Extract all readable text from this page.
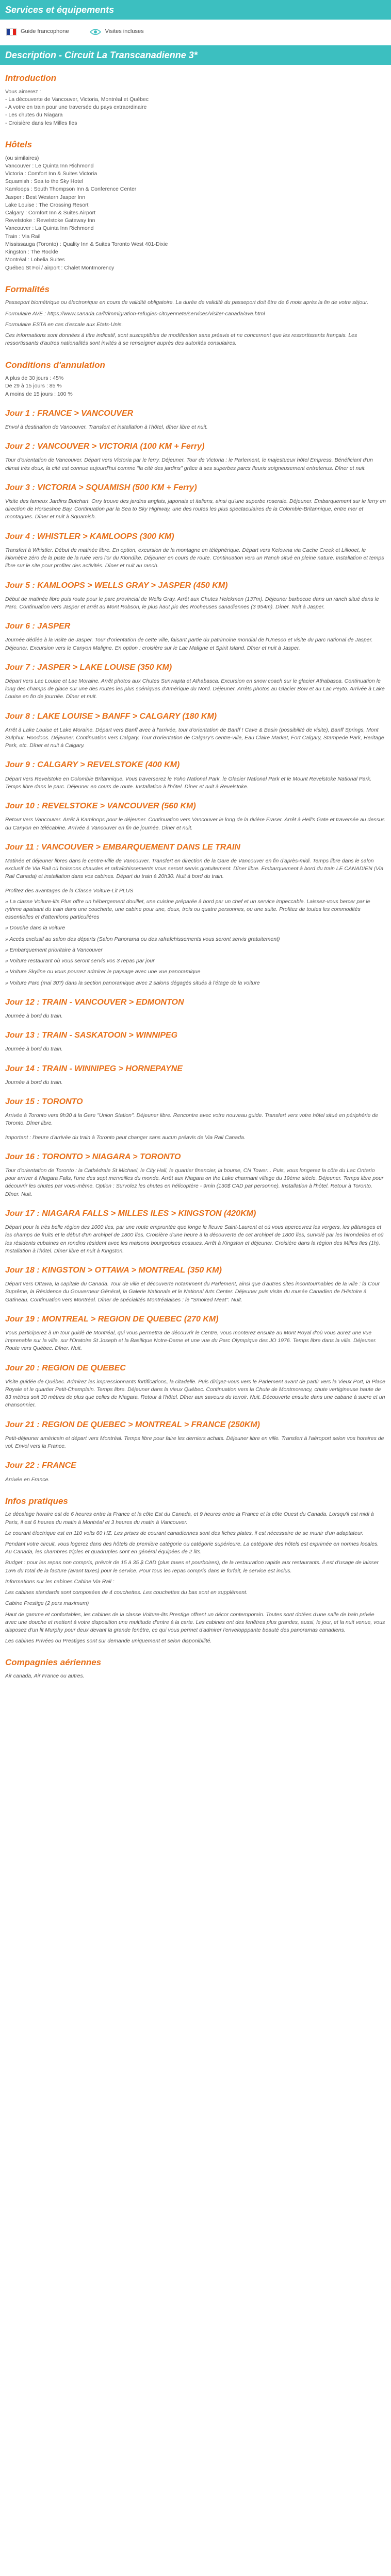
Services et équipements
Guide francophone	Visites incluses
Description - Circuit La Transcanadienne 3*
Introduction

Vous aimerez :

- La découverte de Vancouver, Victoria, Montréal et Québec

- A votre en train pour une traversée du pays extraordinaire

- Les chutes du Niagara

- Croisière dans les Milles Iles

Hôtels

(ou similaires)

Vancouver : Le Quinta Inn Richmond

Victoria : Comfort Inn & Suites Victoria

Squamish : Sea to the Sky Hotel

Kamloops : South Thompson Inn & Conference Center

Jasper : Best Western Jasper Inn

Lake Louise : The Crossing Resort

Calgary : Comfort Inn & Suites Airport

Revelstoke : Revelstoke Gateway Inn

Vancouver : La Quinta Inn Richmond

Train : Via Rail

Mississauga (Toronto) : Quality Inn & Suites Toronto West 401-Dixie

Kingston : The Rockle

Montréal : Lobelia Suites

Québec St Foi / airport : Chalet Montmorency

Formalités

Passeport biométrique ou électronique en cours de validité obligatoire. La durée de validité du passeport doit être de 6 mois après la fin de votre séjour.

Formulaire AVE : https://www.canada.ca/fr/immigration-refugies-citoyennete/services/visiter-canada/ave.html

Formulaire ESTA en cas d'escale aux Etats-Unis.

Ces informations sont données à titre indicatif, sont susceptibles de modification sans préavis et ne concernent que les ressortissants français. Les ressortissants d'autres nationalités sont invités à se renseigner auprès des autorités consulaires.

Conditions d'annulation

A plus de 30 jours : 45%

De 29 à 15 jours : 85 %

A moins de 15 jours : 100 %

Jour 1 : FRANCE > VANCOUVER

Envol à destination de Vancouver. Transfert et installation à l'hôtel, dîner libre et nuit.

Jour 2 : VANCOUVER > VICTORIA (100 KM + Ferry)

Tour d'orientation de Vancouver. Départ vers Victoria par le ferry. Déjeuner. Tour de Victoria : le Parlement, le majestueux hôtel Empress. Bénéficiant d'un climat très doux, la cité est connue aujourd'hui comme "la cité des jardins" grâce à ses superbes parcs fleuris soigneusement entretenus. Dîner et nuit.

Jour 3 : VICTORIA > SQUAMISH (500 KM + Ferry)

Visite des fameux Jardins Butchart. Orry trouve des jardins anglais, japonais et italiens, ainsi qu'une superbe roseraie. Déjeuner. Embarquement sur le ferry en direction de Horseshoe Bay. Continuation par la Sea to Sky Highway, une des routes les plus spectaculaires de la Colombie-Britannique, entre mer et montagnes. Dîner et nuit à Squamish.

Jour 4 : WHISTLER > KAMLOOPS (300 KM)

Transfert à Whistler. Début de matinée libre. En option, excursion de la montagne en téléphérique. Départ vers Kelowna via Cache Creek et Lillooet, le kilomètre zéro de la piste de la ruée vers l'or du Klondike. Déjeuner en cours de route. Continuation vers un Ranch situé en pleine nature. Installation et temps libre sur le site pour profiter des activités. Dîner et nuit au ranch.

Jour 5 : KAMLOOPS > WELLS GRAY > JASPER (450 KM)

Début de matinée libre puis route pour le parc provincial de Wells Gray. Arrêt aux Chutes Helckmen (137m). Déjeuner barbecue dans un ranch situé dans le Parc. Continuation vers Jasper et arrêt au Mont Robson, le plus haut pic des Rocheuses canadiennes (3 954m). Dîner. Nuit à Jasper.

Jour 6 : JASPER

Journée dédiée à la visite de Jasper. Tour d'orientation de cette ville, faisant partie du patrimoine mondial de l'Unesco et visite du parc national de Jasper. Déjeuner. Excursion vers le Canyon Maligne. En option : croisière sur le Lac Maligne et Spirit Island. Dîner et nuit à Jasper.

Jour 7 : JASPER > LAKE LOUISE (350 KM)

Départ vers Lac Louise et Lac Moraine. Arrêt photos aux Chutes Sunwapta et Athabasca. Excursion en snow coach sur le glacier Athabasca. Continuation le long des champs de glace sur une des routes les plus scéniques d'Amérique du Nord. Déjeuner. Arrêts photos au Glacier Bow et au Lac Peyto. Arrivée à Lake Louise en fin de journée. Dîner et nuit.

Jour 8 : LAKE LOUISE > BANFF > CALGARY (180 KM)

Arrêt à Lake Louise et Lake Moraine. Départ vers Banff avec à l'arrivée, tour d'orientation de Banff ! Cave & Basin (possibilité de visite), Banff Springs, Mont Sulphur, Hoodoos. Déjeuner. Continuation vers Calgary. Tour d'orientation de Calgary's centre-ville, Eau Claire Market, Fort Calgary, Stampede Park, Heritage Park, etc. Dîner et nuit à Calgary.

Jour 9 : CALGARY > REVELSTOKE (400 KM)

Départ vers Revelstoke en Colombie Britannique. Vous traverserez le Yoho National Park, le Glacier National Park et le Mount Revelstoke National Park. Temps libre dans le parc. Déjeuner en cours de route. Installation à l'hôtel. Dîner et nuit à Revelstoke.

Jour 10 : REVELSTOKE > VANCOUVER (560 KM)

Retour vers Vancouver. Arrêt à Kamloops pour le déjeuner. Continuation vers Vancouver le long de la rivière Fraser. Arrêt à Hell's Gate et traversée au dessus du Canyon en télécabine. Arrivée à Vancouver en fin de journée. Dîner et nuit.

Jour 11 : VANCOUVER > EMBARQUEMENT DANS LE TRAIN

Matinée et déjeuner libres dans le centre-ville de Vancouver. Transfert en direction de la Gare de Vancouver en fin d'après-midi. Temps libre dans le salon exclusif de Via Rail où boissons chaudes et rafraîchissements vous seront servis gratuitement. Dîner libre. Embarquement à bord du train LE CANADIEN (Via Rail Canada) et installation dans vos cabines. Départ du train à 20h30. Nuit à bord du train.

Profitez des avantages de la Classe Voiture-Lit PLUS

» La classe Voiture-lits Plus offre un hébergement douillet, une cuisine préparée à bord par un chef et un service impeccable. Laissez-vous bercer par le rythme apaisant du train dans une couchette, une cabine pour une, deux, trois ou quatre personnes, ou une suite. Profitez de toutes les commodités essentielles et d'attentions particulières

» Douche dans la voiture

» Accès exclusif au salon des départs (Salon Panorama ou des rafraîchissements vous seront servis gratuitement)

» Embarquement prioritaire à Vancouver

» Voiture restaurant où vous seront servis vos 3 repas par jour

» Voiture Skyline ou vous pourrez admirer le paysage avec une vue panoramique

» Voiture Parc (mai 30?) dans la section panoramique avec 2 salons dégagés situés à l'étage de la voiture

Jour 12 : TRAIN - VANCOUVER > EDMONTON

Journée à bord du train.

Jour 13 : TRAIN - SASKATOON > WINNIPEG

Journée à bord du train.

Jour 14 : TRAIN - WINNIPEG > HORNEPAYNE

Journée à bord du train.

Jour 15 : TORONTO

Arrivée à Toronto vers 9h30 à la Gare "Union Station". Déjeuner libre. Rencontre avec votre nouveau guide. Transfert vers votre hôtel situé en périphérie de Toronto. Dîner libre.

Important : l'heure d'arrivée du train à Toronto peut changer sans aucun préavis de Via Rail Canada.

Jour 16 : TORONTO > NIAGARA > TORONTO

Tour d'orientation de Toronto : la Cathédrale St Michael, le City Hall, le quartier financier, la bourse, CN Tower... Puis, vous longerez la côte du Lac Ontario pour arriver à Niagara Falls, l'une des sept merveilles du monde. Arrêt aux Niagara on the Lake charmant village du 19ème siècle. Déjeuner. Temps libre pour découvrir les chutes par vous-même. Option : Survolez les chutes en hélicoptère - 9min (130$ CAD par personne). Installation à l'hôtel. Retour à Toronto. Dîner. Nuit.

Jour 17 : NIAGARA FALLS > MILLES ILES > KINGSTON (420KM)

Départ pour la très belle région des 1000 Iles, par une route empruntée que longe le fleuve Saint-Laurent et où vous apercevrez les vergers, les pâturages et les champs de fruits et le début d'un archipel de 1800 îles. Croisière d'une heure à la découverte de cet archipel de 1800 îles, survolé par les hirondelles et où les résidents cubaines en rondins résident avec les maisons bourgeoises cossues. Arrêt à Kingston et déjeuner. Croisière dans la région des Milles Iles (1h). Installation à l'hôtel. Dîner libre et nuit à Kingston.

Jour 18 : KINGSTON > OTTAWA > MONTREAL (350 KM)

Départ vers Ottawa, la capitale du Canada. Tour de ville et découverte notamment du Parlement, ainsi que d'autres sites incontournables de la ville : la Cour Suprême, la Résidence du Gouverneur Général, la Galerie Nationale et le National Arts Center. Déjeuner puis visite du musée Canadien de l'Histoire à Gatineau. Continuation vers Montréal. Dîner de spécialités Montréalaises : le "Smoked Meat". Nuit.

Jour 19 : MONTREAL > REGION DE QUEBEC (270 KM)

Vous participerez à un tour guidé de Montréal, qui vous permettra de découvrir le Centre, vous monterez ensuite au Mont Royal d'où vous aurez une vue imprenable sur la ville, sur l'Oratoire St Joseph et la Basilique Notre-Dame et une vue du Parc Olympique des JO 1976. Temps libre dans la ville. Déjeuner. Route vers Québec. Dîner. Nuit.

Jour 20 : REGION DE QUEBEC

Visite guidée de Québec. Admirez les impressionnants fortifications, la citadelle. Puis dirigez-vous vers le Parlement avant de partir vers la Vieux Port, la Place Royale et le quartier Petit-Champlain. Temps libre. Déjeuner dans la vieux Québec. Continuation vers la Chute de Montmorency, chute vertigineuse haute de 83 mètres soit 30 mètres de plus que celles de Niagara. Retour à l'hôtel. Dîner aux saveurs du terroir. Nuit. Découverte ensuite dans une cabane à sucre et un chansonnier.

Jour 21 : REGION DE QUEBEC > MONTREAL > FRANCE (250KM)

Petit-déjeuner américain et départ vers Montréal. Temps libre pour faire les derniers achats. Déjeuner libre en ville. Transfert à l'aéroport selon vos horaires de vol. Envol vers la France.

Jour 22 : FRANCE

Arrivée en France.

Infos pratiques

Le décalage horaire est de 6 heures entre la France et la côte Est du Canada, et 9 heures entre la France et la côte Ouest du Canada. Lorsqu'il est midi à Paris, il est 6 heures du matin à Montréal et 3 heures du matin à Vancouver.

Le courant électrique est en 110 volts 60 HZ. Les prises de courant canadiennes sont des fiches plates, il est nécessaire de se munir d'un adaptateur.

Pendant votre circuit, vous logerez dans des hôtels de première catégorie ou catégorie supérieure. La catégorie des hôtels est exprimée en normes locales. Au Canada, les chambres triples et quadruples sont en général équipées de 2 lits.

Budget : pour les repas non compris, prévoir de 15 à 35 $ CAD (plus taxes et pourboires), de la restauration rapide aux restaurants. Il est d'usage de laisser 15% du total de la facture (avant taxes) pour le service. Pour tous les repas compris dans le forfait, le service est inclus.

Informations sur les cabines Cabine Via Rail :

Les cabines standards sont composées de 4 couchettes. Les couchettes du bas sont en supplément.

Cabine Prestige (2 pers maximum)

Haut de gamme et confortables, les cabines de la classe Voiture-lits Prestige offrent un décor contemporain. Toutes sont dotées d'une salle de bain privée avec une douche et mettent à votre disposition une multitude d'entre à la carte. Les cabines ont des fenêtres plus grandes, aussi, le jour, et la nuit venue, vous disposez d'un lit Murphy pour deux devant la grande fenêtre, ce qui vous permet d'admirer l'envelopppante beauté des panoramas canadiens.

Les cabines Privées ou Prestiges sont sur demande uniquement et selon disponibilité.

Compagnies aériennes

Air canada, Air France ou autres.
